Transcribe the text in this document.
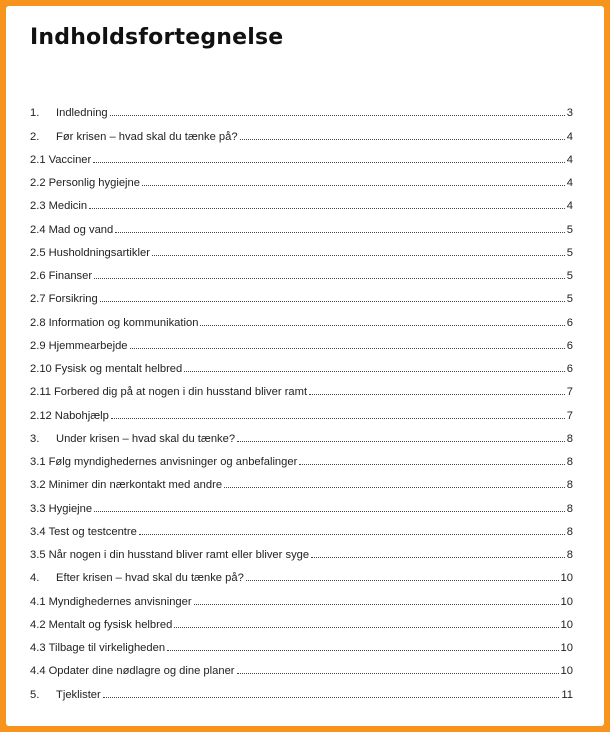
Indholdsfortegnelse
1.	Indledning	3
2.	Før krisen – hvad skal du tænke på?	4
2.1 Vacciner	4
2.2 Personlig hygiejne	4
2.3 Medicin	4
2.4 Mad og vand	5
2.5 Husholdningsartikler	5
2.6 Finanser	5
2.7 Forsikring	5
2.8 Information og kommunikation	6
2.9 Hjemmearbejde	6
2.10 Fysisk og mentalt helbred	6
2.11 Forbered dig på at nogen i din husstand bliver ramt	7
2.12 Nabohjælp	7
3.	Under krisen – hvad skal du tænke?	8
3.1 Følg myndighedernes anvisninger og anbefalinger	8
3.2 Minimer din nærkontakt med andre	8
3.3 Hygiejne	8
3.4 Test og testcentre	8
3.5 Når nogen i din husstand bliver ramt eller bliver syge	8
4.	Efter krisen – hvad skal du tænke på?	10
4.1 Myndighedernes anvisninger	10
4.2 Mentalt og fysisk helbred	10
4.3 Tilbage til virkeligheden	10
4.4 Opdater dine nødlagre og dine planer	10
5.	Tjeklister	11
